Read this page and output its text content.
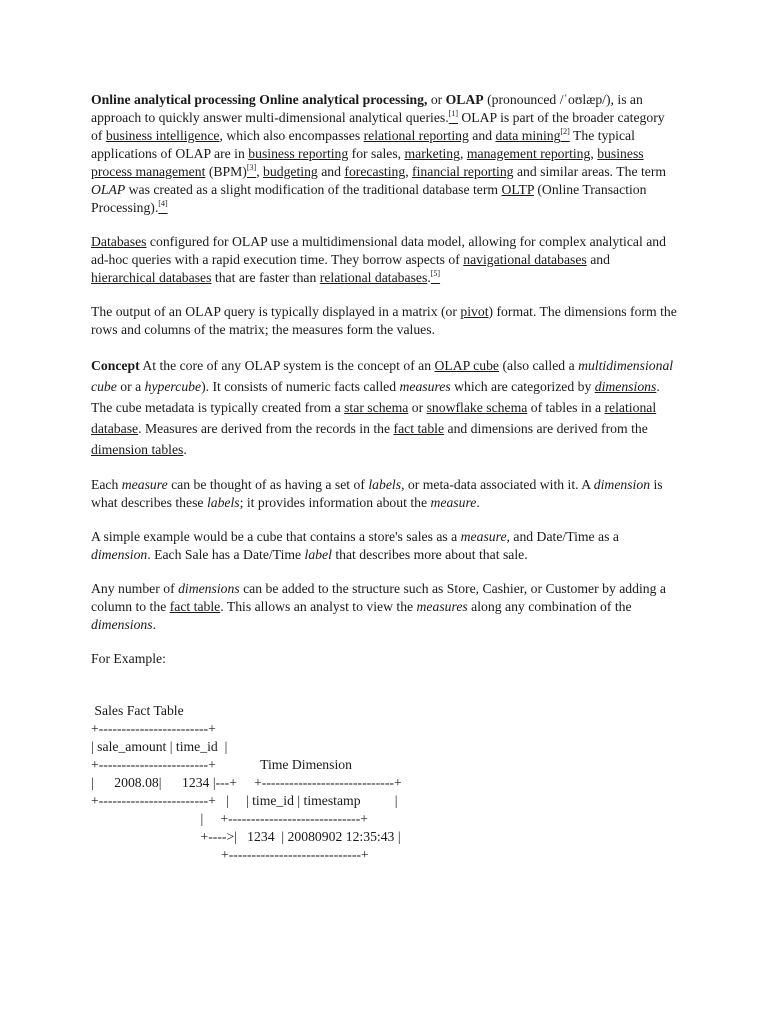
Online analytical processing Online analytical processing, or OLAP (pronounced /ˈoʊlæp/), is an approach to quickly answer multi-dimensional analytical queries.[1] OLAP is part of the broader category of business intelligence, which also encompasses relational reporting and data mining[2] The typical applications of OLAP are in business reporting for sales, marketing, management reporting, business process management (BPM)[3], budgeting and forecasting, financial reporting and similar areas. The term OLAP was created as a slight modification of the traditional database term OLTP (Online Transaction Processing).[4]

Databases configured for OLAP use a multidimensional data model, allowing for complex analytical and ad-hoc queries with a rapid execution time. They borrow aspects of navigational databases and hierarchical databases that are faster than relational databases.[5]

The output of an OLAP query is typically displayed in a matrix (or pivot) format. The dimensions form the rows and columns of the matrix; the measures form the values.

Concept At the core of any OLAP system is the concept of an OLAP cube (also called a multidimensional cube or a hypercube). It consists of numeric facts called measures which are categorized by dimensions. The cube metadata is typically created from a star schema or snowflake schema of tables in a relational database. Measures are derived from the records in the fact table and dimensions are derived from the dimension tables.

Each measure can be thought of as having a set of labels, or meta-data associated with it. A dimension is what describes these labels; it provides information about the measure.

A simple example would be a cube that contains a store's sales as a measure, and Date/Time as a dimension. Each Sale has a Date/Time label that describes more about that sale.

Any number of dimensions can be added to the structure such as Store, Cashier, or Customer by adding a column to the fact table. This allows an analyst to view the measures along any combination of the dimensions.

For Example:

Sales Fact Table
+------------------------+
| sale_amount | time_id  |
+------------------------+             Time Dimension
|      2008.08|      1234 |---+     +-----------------------------+
+------------------------+   |     | time_id | timestamp          |
|     +-----------------------------+
+---->|   1234  | 20080902 12:35:43 |
+-----------------------------+
